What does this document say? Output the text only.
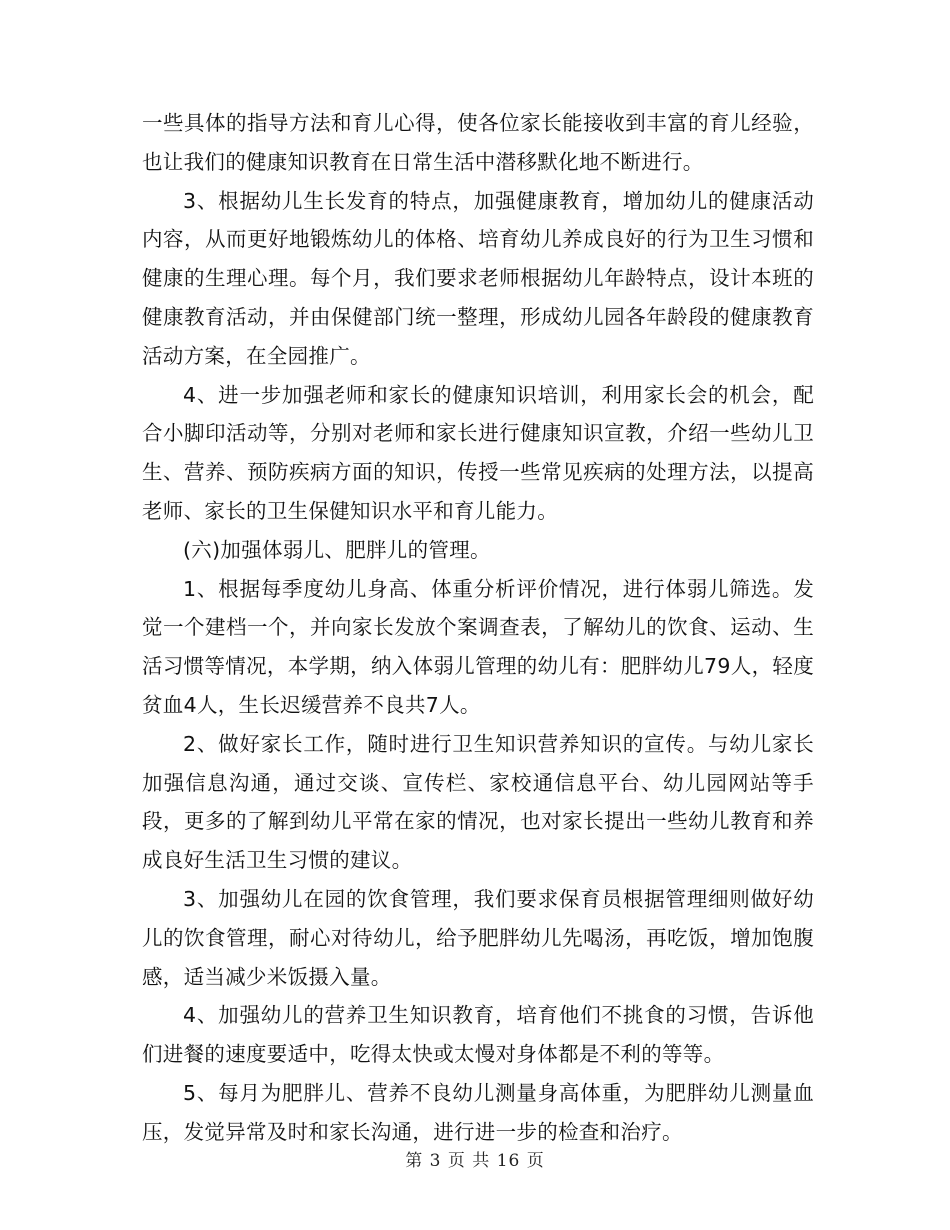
一些具体的指导方法和育儿心得，使各位家长能接收到丰富的育儿经验，也让我们的健康知识教育在日常生活中潜移默化地不断进行。

3、根据幼儿生长发育的特点，加强健康教育，增加幼儿的健康活动内容，从而更好地锻炼幼儿的体格、培育幼儿养成良好的行为卫生习惯和健康的生理心理。每个月，我们要求老师根据幼儿年龄特点，设计本班的健康教育活动，并由保健部门统一整理，形成幼儿园各年龄段的健康教育活动方案，在全园推广。

4、进一步加强老师和家长的健康知识培训，利用家长会的机会，配合小脚印活动等，分别对老师和家长进行健康知识宣教，介绍一些幼儿卫生、营养、预防疾病方面的知识，传授一些常见疾病的处理方法，以提高老师、家长的卫生保健知识水平和育儿能力。

(六)加强体弱儿、肥胖儿的管理。

1、根据每季度幼儿身高、体重分析评价情况，进行体弱儿筛选。发觉一个建档一个，并向家长发放个案调查表，了解幼儿的饮食、运动、生活习惯等情况，本学期，纳入体弱儿管理的幼儿有：肥胖幼儿79人，轻度贫血4人，生长迟缓营养不良共7人。

2、做好家长工作，随时进行卫生知识营养知识的宣传。与幼儿家长加强信息沟通，通过交谈、宣传栏、家校通信息平台、幼儿园网站等手段，更多的了解到幼儿平常在家的情况，也对家长提出一些幼儿教育和养成良好生活卫生习惯的建议。

3、加强幼儿在园的饮食管理，我们要求保育员根据管理细则做好幼儿的饮食管理，耐心对待幼儿，给予肥胖幼儿先喝汤，再吃饭，增加饱腹感，适当减少米饭摄入量。

4、加强幼儿的营养卫生知识教育，培育他们不挑食的习惯，告诉他们进餐的速度要适中，吃得太快或太慢对身体都是不利的等等。

5、每月为肥胖儿、营养不良幼儿测量身高体重，为肥胖幼儿测量血压，发觉异常及时和家长沟通，进行进一步的检查和治疗。

第 3 页 共 16 页
